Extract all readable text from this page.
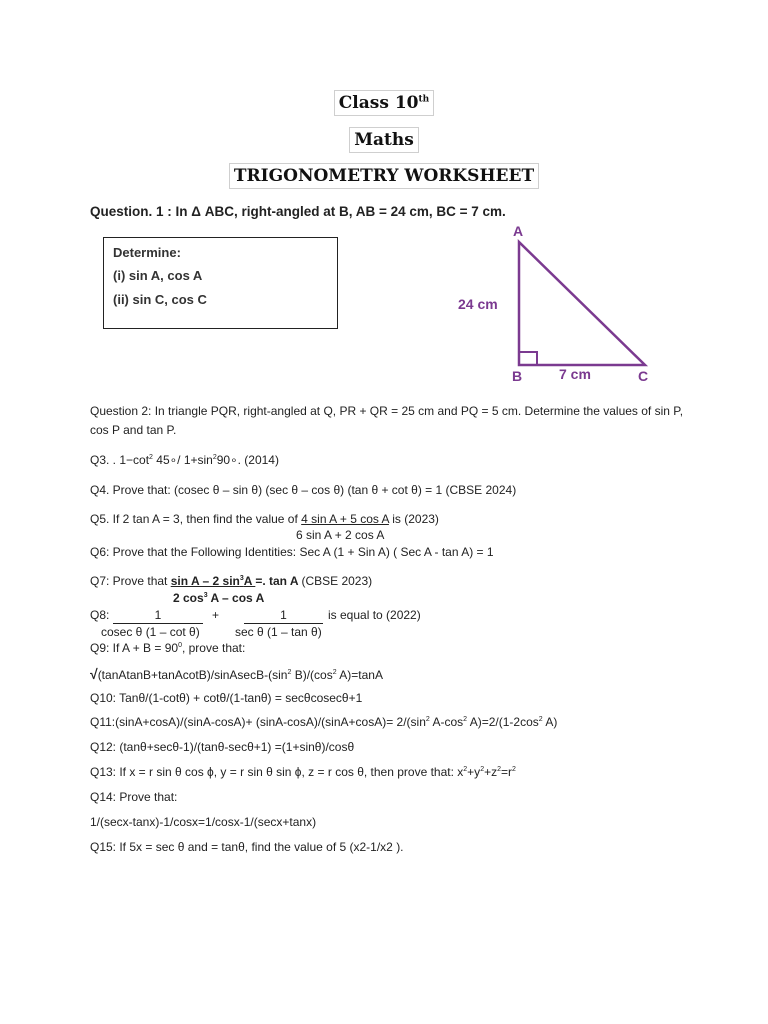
Class 10th
Maths
TRIGONOMETRY WORKSHEET
Question. 1 : In Δ ABC, right-angled at B, AB = 24 cm, BC = 7 cm.
Determine:
(i) sin A, cos A
(ii) sin C, cos C
A
B	C
24 cm
7 cm
Question 2: In triangle PQR, right-angled at Q, PR + QR = 25 cm and PQ = 5 cm. Determine the values of sin P,
cos P and tan P.
Q3. . $1-\cot^2$ 45∘/ $1+\sin^290\circ$. (2014)
Q4. Prove that: (cosec θ – sin θ) (sec θ – cos θ) (tan θ + cot θ) = 1 (CBSE 2024)
Q5. If 2 tan A = 3, then find the value of 4 sin A + 5 cos A is (2023)
6 sin A + 2 cos A
Q6: Prove that the Following Identities: Sec A (1 + Sin A) ( Sec A - tan A) = 1
Q7: Prove that sin A – 2 $\sin^3A$ =. tan A (CBSE 2023)
2 $\cos^3 A$ – cos A
Q8:	1	+	1	is equal to (2022)
cosec θ (1 – cot θ)	sec θ (1 – tan θ)
Q9: If $A + B = 90^0$, prove that:
$√(tanAtanB+tanAcotB)/sinAsecB-(\sin^2$ $B)/(\cos^2$ A)=tanA
Q10: Tanθ/(1-cotθ) + cotθ/(1-tanθ) = secθcosecθ+1
Q11:(sinA+cosA)/(sinA-cosA)+ $(\sin A-\cos A)/(\sin A+\cos A)= 2/(\sin^2$ $A-\cos^2$ $A)=2/(1-2\cos^2$ A)
Q12: (tanθ+secθ-1)/(tanθ-secθ+1) =(1+sinθ)/cosθ
Q13: If x = r sin θ cos ϕ, y = r sin θ sin ϕ, z = r cos θ, then prove that: $x^2+y^2+z^2=r^2$
Q14: Prove that:
1/(secx-tanx)-1/cosx=1/cosx-1/(secx+tanx)
Q15: If 5x = sec θ and = tanθ, find the value of 5 (x2-1/x2 ).
